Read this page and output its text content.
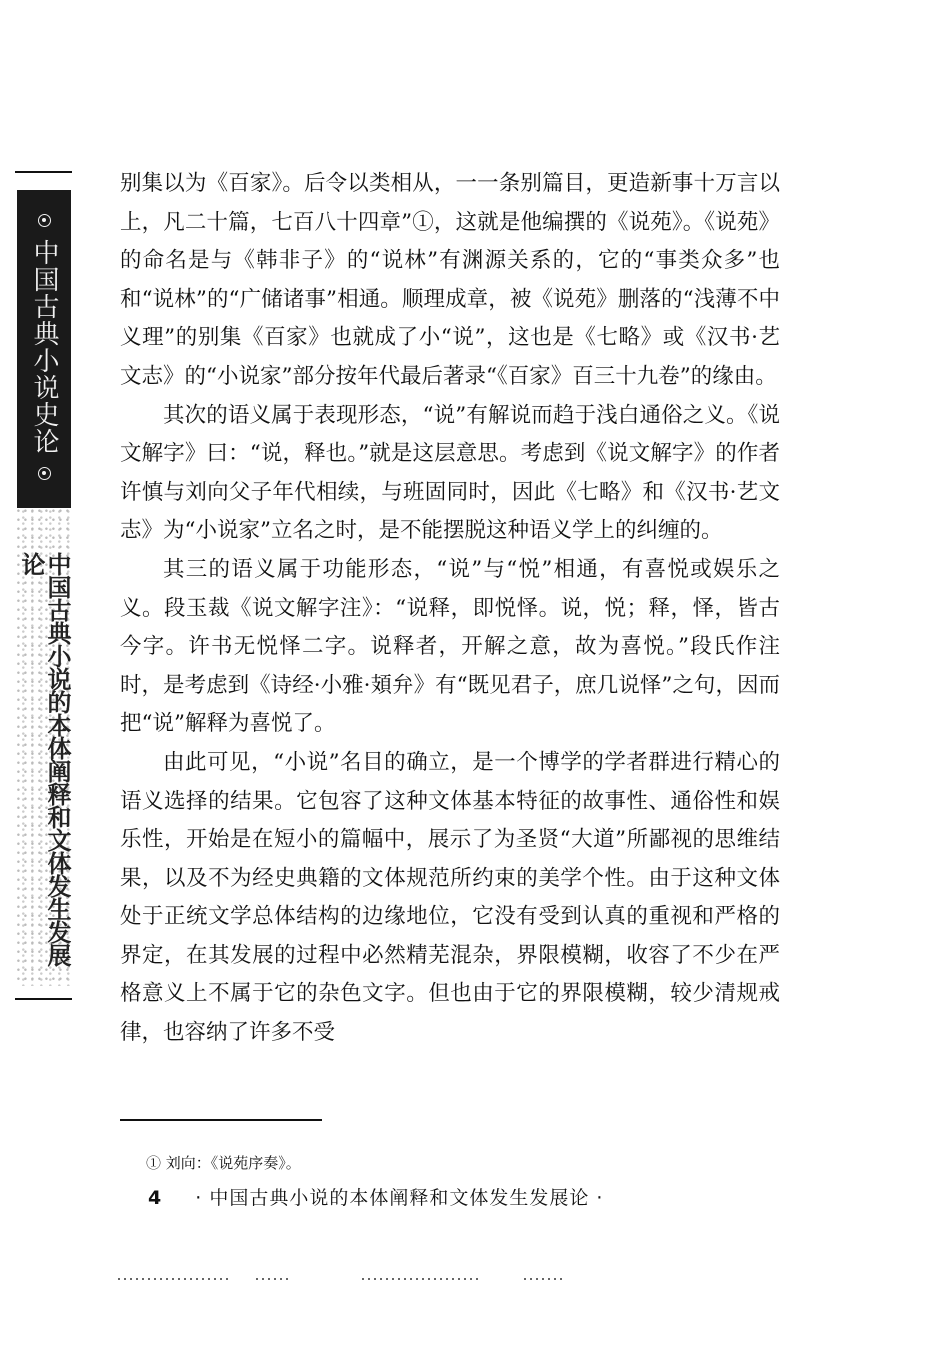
中国古典小说史论
中国古典小说的本体阐释和文体发生发展论

别集以为《百家》。后令以类相从，一一条别篇目，更造新事十万言以上，凡二十篇，七百八十四章”①，这就是他编撰的《说苑》。《说苑》的命名是与《韩非子》的“说林”有渊源关系的，它的“事类众多”也和“说林”的“广储诸事”相通。顺理成章，被《说苑》删落的“浅薄不中义理”的别集《百家》也就成了小“说”，这也是《七略》或《汉书·艺文志》的“小说家”部分按年代最后著录“《百家》百三十九卷”的缘由。

其次的语义属于表现形态，“说”有解说而趋于浅白通俗之义。《说文解字》曰：“说，释也。”就是这层意思。考虑到《说文解字》的作者许慎与刘向父子年代相续，与班固同时，因此《七略》和《汉书·艺文志》为“小说家”立名之时，是不能摆脱这种语义学上的纠缠的。

其三的语义属于功能形态，“说”与“悦”相通，有喜悦或娱乐之义。段玉裁《说文解字注》：“说释，即悦怿。说，悦；释，怿，皆古今字。许书无悦怿二字。说释者，开解之意，故为喜悦。”段氏作注时，是考虑到《诗经·小雅·頍弁》有“既见君子，庶几说怿”之句，因而把“说”解释为喜悦了。

由此可见，“小说”名目的确立，是一个博学的学者群进行精心的语义选择的结果。它包容了这种文体基本特征的故事性、通俗性和娱乐性，开始是在短小的篇幅中，展示了为圣贤“大道”所鄙视的思维结果，以及不为经史典籍的文体规范所约束的美学个性。由于这种文体处于正统文学总体结构的边缘地位，它没有受到认真的重视和严格的界定，在其发展的过程中必然精芜混杂，界限模糊，收容了不少在严格意义上不属于它的杂色文字。但也由于它的界限模糊，较少清规戒律，也容纳了许多不受

① 刘向：《说苑序奏》。
4 · 中国古典小说的本体阐释和文体发生发展论 ·
